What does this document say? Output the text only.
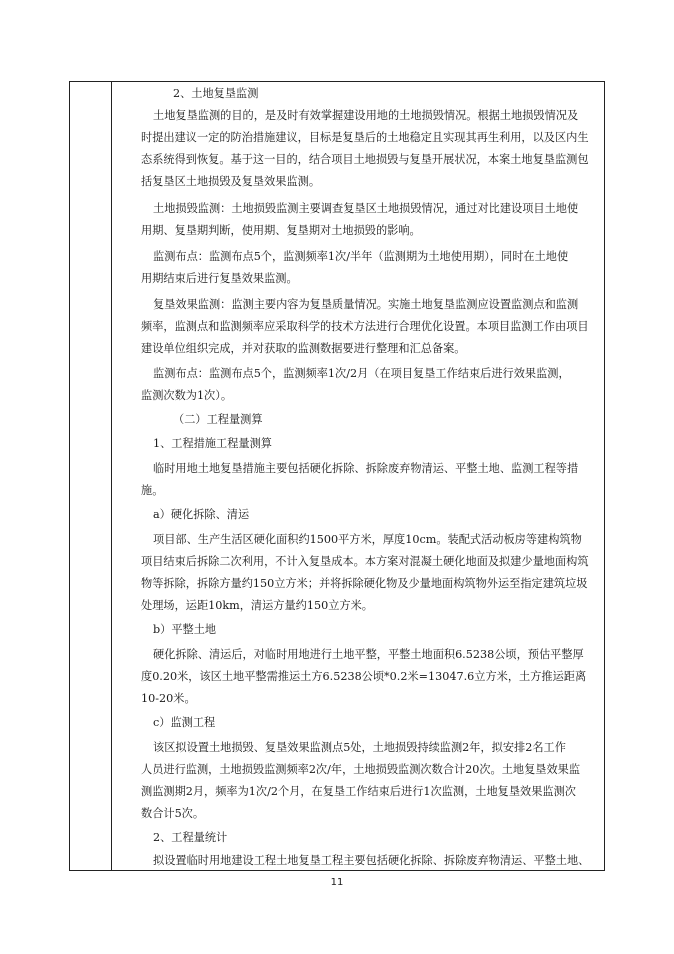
2、土地复垦监测

土地复垦监测的目的，是及时有效掌握建设用地的土地损毁情况。根据土地损毁情况及

时提出建议一定的防治措施建议，目标是复垦后的土地稳定且实现其再生利用，以及区内生

态系统得到恢复。基于这一目的，结合项目土地损毁与复垦开展状况，本案土地复垦监测包

括复垦区土地损毁及复垦效果监测。

土地损毁监测：土地损毁监测主要调查复垦区土地损毁情况，通过对比建设项目土地使

用期、复垦期判断，使用期、复垦期对土地损毁的影响。

监测布点：监测布点5个，监测频率1次/半年（监测期为土地使用期），同时在土地使

用期结束后进行复垦效果监测。

复垦效果监测：监测主要内容为复垦质量情况。实施土地复垦监测应设置监测点和监测

频率，监测点和监测频率应采取科学的技术方法进行合理优化设置。本项目监测工作由项目

建设单位组织完成，并对获取的监测数据要进行整理和汇总备案。

监测布点：监测布点5个，监测频率1次/2月（在项目复垦工作结束后进行效果监测，

监测次数为1次）。

（二）工程量测算

1、工程措施工程量测算

临时用地土地复垦措施主要包括硬化拆除、拆除废弃物清运、平整土地、监测工程等措

施。

a）硬化拆除、清运

项目部、生产生活区硬化面积约1500平方米，厚度10cm。装配式活动板房等建构筑物

项目结束后拆除二次利用，不计入复垦成本。本方案对混凝土硬化地面及拟建少量地面构筑

物等拆除，拆除方量约150立方米；并将拆除硬化物及少量地面构筑物外运至指定建筑垃圾

处理场，运距10km，清运方量约150立方米。

b）平整土地

硬化拆除、清运后，对临时用地进行土地平整，平整土地面积6.5238公顷，预估平整厚

度0.20米，该区土地平整需推运土方6.5238公顷*0.2米=13047.6立方米，土方推运距离

10-20米。

c）监测工程

该区拟设置土地损毁、复垦效果监测点5处，土地损毁持续监测2年，拟安排2名工作

人员进行监测，土地损毁监测频率2次/年，土地损毁监测次数合计20次。土地复垦效果监

测监测期2月，频率为1次/2个月，在复垦工作结束后进行1次监测，土地复垦效果监测次

数合计5次。

2、工程量统计

拟设置临时用地建设工程土地复垦工程主要包括硬化拆除、拆除废弃物清运、平整土地、

11
